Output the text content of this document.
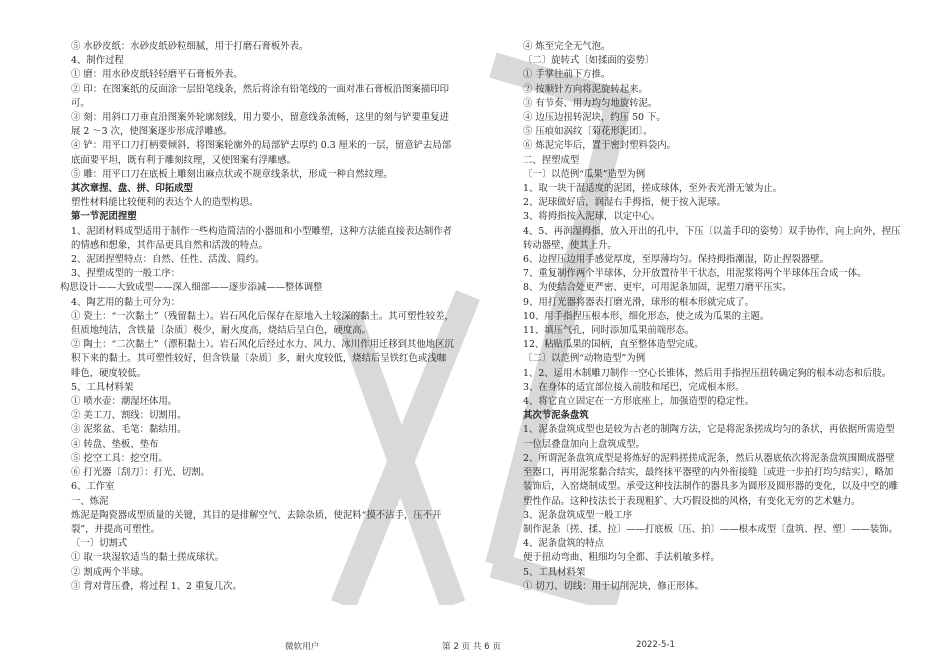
⑤ 水砂皮纸：水砂皮纸砂粒细腻，用于打磨石膏板外表。

4、制作过程

① 磨：用水砂皮纸轻轻磨平石膏板外表。

② 印：在图案纸的反面涂一层铅笔线条，然后将涂有铅笔线的一面对准石膏板沿图案描印印可。

③ 刻：用斜口刀垂直沿图案外轮廓刻线，用力要小，留意线条流畅，这里的刻与铲要重复进展 2 ～3 次，使图案逐步形成浮雕感。

④ 铲：用平口刀打柄要倾斜，将图案轮廓外的局部铲去厚约 0.3 厘米的一层，留意铲去局部底面要平坦，既有利于雕刻纹理，又使图案有浮雕感。

⑤ 雕：用平口刀在底板上雕刻出麻点状或不规章线条状，形成一种自然纹理。

其次章捏、盘、拼、印拓成型

塑性材料能比较便利的表达个人的造型构思。

第一节泥团捏塑

1、泥团材料成型适用于制作一些构造简洁的小器皿和小型雕塑，这种方法能直接表达制作者的情感和想象，其作品更具自然和活泼的特点。

2、泥团捏塑特点：自然、任性、活泼、简约。

3、捏塑成型的一般工序：

构思设计——大致成型——深入细部——逐步添减——整体调整

4、陶艺用的黏土可分为：

① 瓷土：“一次黏土”（残留黏土）。岩石风化后保存在原地入土较深的黏土。其可塑性较差，但质地纯洁，含铁量〔杂质〕极少，耐火度高，烧结后呈白色，硬度高。

② 陶土：“二次黏土”（漂积黏土）。岩石风化后经过水力、风力、冰川作用迁移到其他地区沉积下来的黏土。其可塑性较好，但含铁量〔杂质〕多，耐火度较低，烧结后呈铁红色或浅咖啡色，硬度较低。

5、工具材料架

① 喷水壶：潮湿坯体用。

② 美工刀、割线：切割用。

③ 泥浆盆、毛笔：黏结用。

④ 转盘、垫板、垫布

⑤ 挖空工具：挖空用。

⑥ 打光器〔刮刀〕：打光、切割。

6、工作室

一、炼泥

炼泥是陶瓷器成型质量的关键，其目的是排解空气、去除杂质，使泥料“摸不沾手，压不开裂”，并提高可塑性。

〔一〕切割式

① 取一块湿软适当的黏土搓成球状。

② 割成两个半球。

③ 背对背压叠，将过程 1、2 重复几次。

④ 炼至完全无气泡。

〔二〕旋转式〔如揉面的姿势〕

① 手掌往前下方推。

② 按顺针方向将泥旋转起来。

③ 有节奏、用力均匀地旋转泥。

④ 边压边扭转泥块，约压 50 下。

⑤ 压痕如涡纹〔菊花形泥团〕。

⑥ 炼泥完毕后，置于密封塑料袋内。

二、捏塑成型

〔一〕以范例“瓜果”造型为例

1、取一块干湿适度的泥团，搓成球体，至外表光滑无皱为止。

2、泥球做好后，润湿右手拇指，便于按入泥球。

3、将拇指按入泥球，以定中心。

4、5、再润湿拇指，放入开出的孔中，下压〔以盖手印的姿势〕双手协作，向上向外，捏压转动器壁，使其上升。

6、边捏压边用手感觉厚度，至厚薄均匀。保持拇指潮湿，防止捏裂器壁。

7、重复制作两个半球体，分开放置待半干状态，用泥浆将两个半球体压合成一体。

8、为使结合处更严密、更牢，可用泥条加固，泥塑刀磨平压实。

9、用打光器将器表打磨光滑，球形的根本形就完成了。

10、用手指捏压根本形，细化形态，使之成为瓜果的主题。

11、填压气孔，同时添加瓜果前端形态。

12、粘贴瓜果的国柄，直至整体造型完成。

〔二〕以范例“动物造型”为例

1、2、运用木制雕刀制作一空心长锥体，然后用手指捏压扭转确定狗的根本动态和后肢。

3、在身体的适宜部位接入前肢和尾巴，完成根本形。

4、将它直立固定在一方形底座上，加强造型的稳定性。

其次节泥条盘筑

1、泥条盘筑成型也是较为古老的制陶方法，它是将泥条搓成均匀的条状，再依据所需造型一位层叠盘加向上盘筑成型。

2、所谓泥条盘筑成型是将炼好的泥料搓搓成泥条，然后从器底依次将泥条盘筑围圈成器壁至器口，再用泥浆黏合结实，最终抹平器壁的内外衔接缝〔或进一步拍打均匀结实〕，略加装饰后，入窑烧制成型。承受这种技法制作的器具多为圆形及圆形器的变化，以及中空的雕塑性作品。这种技法长于表现粗犷、大巧假设拙的风格，有变化无穷的艺术魅力。

3、泥条盘筑成型一般工序

制作泥条〔搓、揉、拉〕——打底板〔压、拍〕——根本成型〔盘筑、捏、塑〕——装饰。

4、泥条盘筑的特点

便于扭动弯曲、粗细均匀全都、手法机敏多样。

5、工具材料架

① 切刀、切线：用于切削泥块，修正形体。

微软用户	第 2 页 共 6 页	2022-5-1
